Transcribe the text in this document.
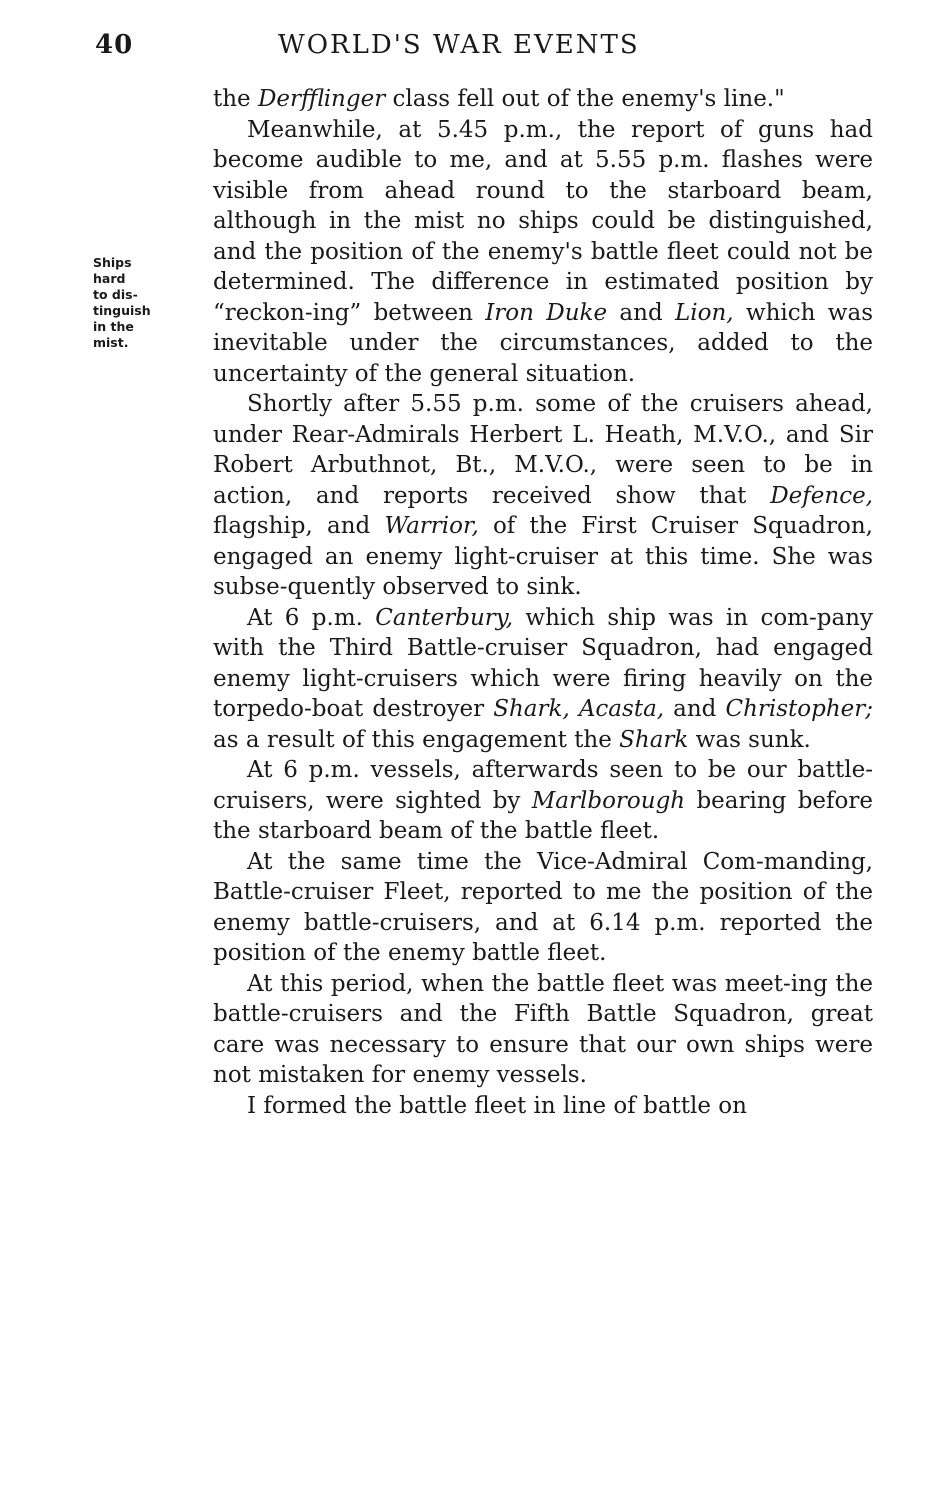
40	WORLD'S WAR EVENTS
Ships
hard
to dis-
tinguish
in the
mist.

the Derfflinger class fell out of the enemy's line."

Meanwhile, at 5.45 p.m., the report of guns had become audible to me, and at 5.55 p.m. flashes were visible from ahead round to the starboard beam, although in the mist no ships could be distinguished, and the position of the enemy's battle fleet could not be determined. The difference in estimated position by “reckon-ing” between Iron Duke and Lion, which was inevitable under the circumstances, added to the uncertainty of the general situation.

Shortly after 5.55 p.m. some of the cruisers ahead, under Rear-Admirals Herbert L. Heath, M.V.O., and Sir Robert Arbuthnot, Bt., M.V.O., were seen to be in action, and reports received show that Defence, flagship, and Warrior, of the First Cruiser Squadron, engaged an enemy light-cruiser at this time. She was subse-quently observed to sink.

At 6 p.m. Canterbury, which ship was in com-pany with the Third Battle-cruiser Squadron, had engaged enemy light-cruisers which were firing heavily on the torpedo-boat destroyer Shark, Acasta, and Christopher; as a result of this engagement the Shark was sunk.

At 6 p.m. vessels, afterwards seen to be our battle-cruisers, were sighted by Marlborough bearing before the starboard beam of the battle fleet.

At the same time the Vice-Admiral Com-manding, Battle-cruiser Fleet, reported to me the position of the enemy battle-cruisers, and at 6.14 p.m. reported the position of the enemy battle fleet.

At this period, when the battle fleet was meet-ing the battle-cruisers and the Fifth Battle Squadron, great care was necessary to ensure that our own ships were not mistaken for enemy vessels.

I formed the battle fleet in line of battle on
